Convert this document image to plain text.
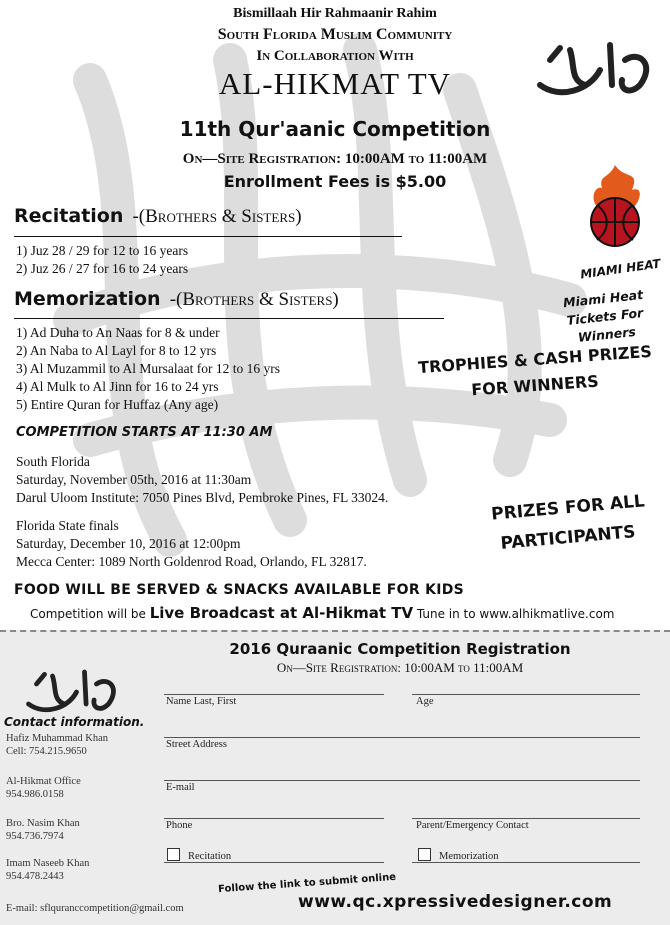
Bismillaah Hir Rahmaanir Rahim
South Florida Muslim Community
In Collaboration With
AL-HIKMAT TV
11th Qur'aanic Competition
On—Site Registration: 10:00AM to 11:00AM
Enrollment Fees is $5.00
MIAMI HEAT
Miami Heat Tickets For Winners
Recitation -(Brothers & Sisters)
1) Juz 28 / 29 for 12 to 16 years
2) Juz 26 / 27 for 16 to 24 years
Memorization -(Brothers & Sisters)
1) Ad Duha to An Naas for 8 & under
2) An Naba to Al Layl for 8 to 12 yrs
3) Al Muzammil to Al Mursalaat for 12 to 16 yrs
4) Al Mulk to Al Jinn for 16 to 24 yrs
5) Entire Quran for Huffaz (Any age)
TROPHIES & CASH PRIZES
FOR WINNERS
PRIZES FOR ALL
PARTICIPANTS
COMPETITION STARTS AT 11:30 AM
South Florida
Saturday, November 05th, 2016 at 11:30am
Darul Uloom Institute: 7050 Pines Blvd, Pembroke Pines, FL 33024.
Florida State finals
Saturday, December 10, 2016 at 12:00pm
Mecca Center: 1089 North Goldenrod Road, Orlando, FL 32817.
FOOD WILL BE SERVED & SNACKS AVAILABLE FOR KIDS
Competition will be Live Broadcast at Al-Hikmat TV Tune in to www.alhikmatlive.com
2016 Quraanic Competition Registration
On—Site Registration: 10:00AM to 11:00AM
Name Last, First	Age
Street Address
E-mail
Phone	Parent/Emergency Contact
Recitation	Memorization
Follow the link to submit online
www.qc.xpressivedesigner.com
Contact information.
Hafiz Muhammad Khan
Cell: 754.215.9650
Al-Hikmat Office
954.986.0158
Bro. Nasim Khan
954.736.7974
Imam Naseeb Khan
954.478.2443
E-mail: sflquranccompetition@gmail.com
